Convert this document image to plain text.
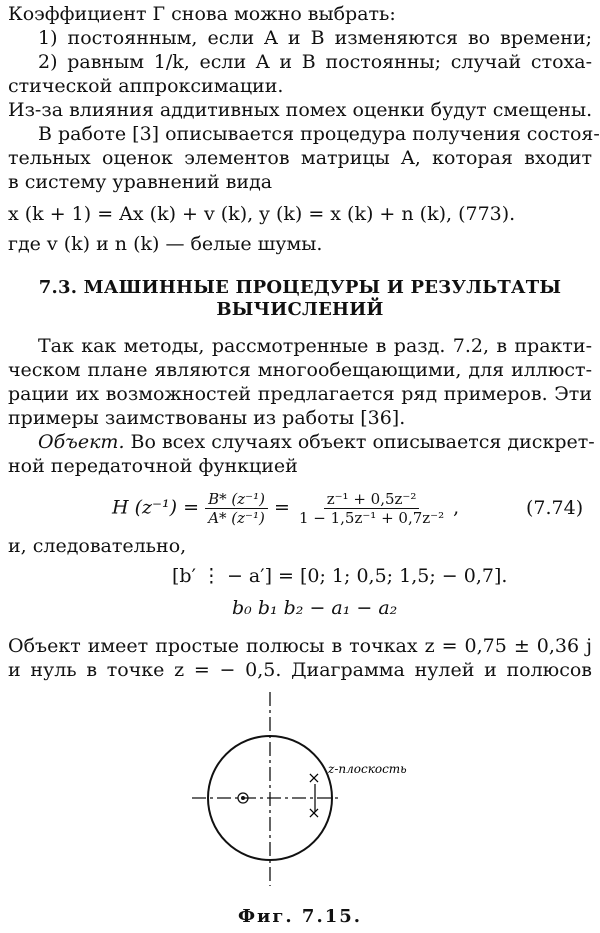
Коэффициент Г снова можно выбрать:
1) постоянным, если A и B изменяются во времени;
2) равным 1/k, если A и B постоянны; случай стоха-
стической аппроксимации.
Из-за влияния аддитивных помех оценки будут смещены.
В работе [3] описывается процедура получения состоя-
тельных оценок элементов матрицы A, которая входит
в систему уравнений вида
x (k + 1) = Ax (k) + v (k), y (k) = x (k) + n (k), (773).
где v (k) и n (k) — белые шумы.
7.3. МАШИННЫЕ ПРОЦЕДУРЫ И РЕЗУЛЬТАТЫ
ВЫЧИСЛЕНИЙ
Так как методы, рассмотренные в разд. 7.2, в практи-
ческом плане являются многообещающими, для иллюст-
рации их возможностей предлагается ряд примеров. Эти
примеры заимствованы из работы [36].
Объект. Во всех случаях объект описывается дискрет-
ной передаточной функцией
H $(z^{-1}) = \frac{\text{B* (z⁻¹)}}{\text{A* (z⁻¹)}} = \frac{\text{z⁻¹ + 0,5z⁻²}}{\text{1 − 1,5z⁻¹ + 0,7z⁻²}}$ ,	(7.74)
и, следовательно,
[b′ ⋮ − a′] = [0; 1; 0,5; 1,5; − 0,7].
b₀ b₁ b₂ − a₁ − a₂
Объект имеет простые полюсы в точках z = 0,75 ± 0,36 j
и нуль в точке z = − 0,5. Диаграмма нулей и полюсов
×
×
z-плоскость
Фиг. 7.15.
